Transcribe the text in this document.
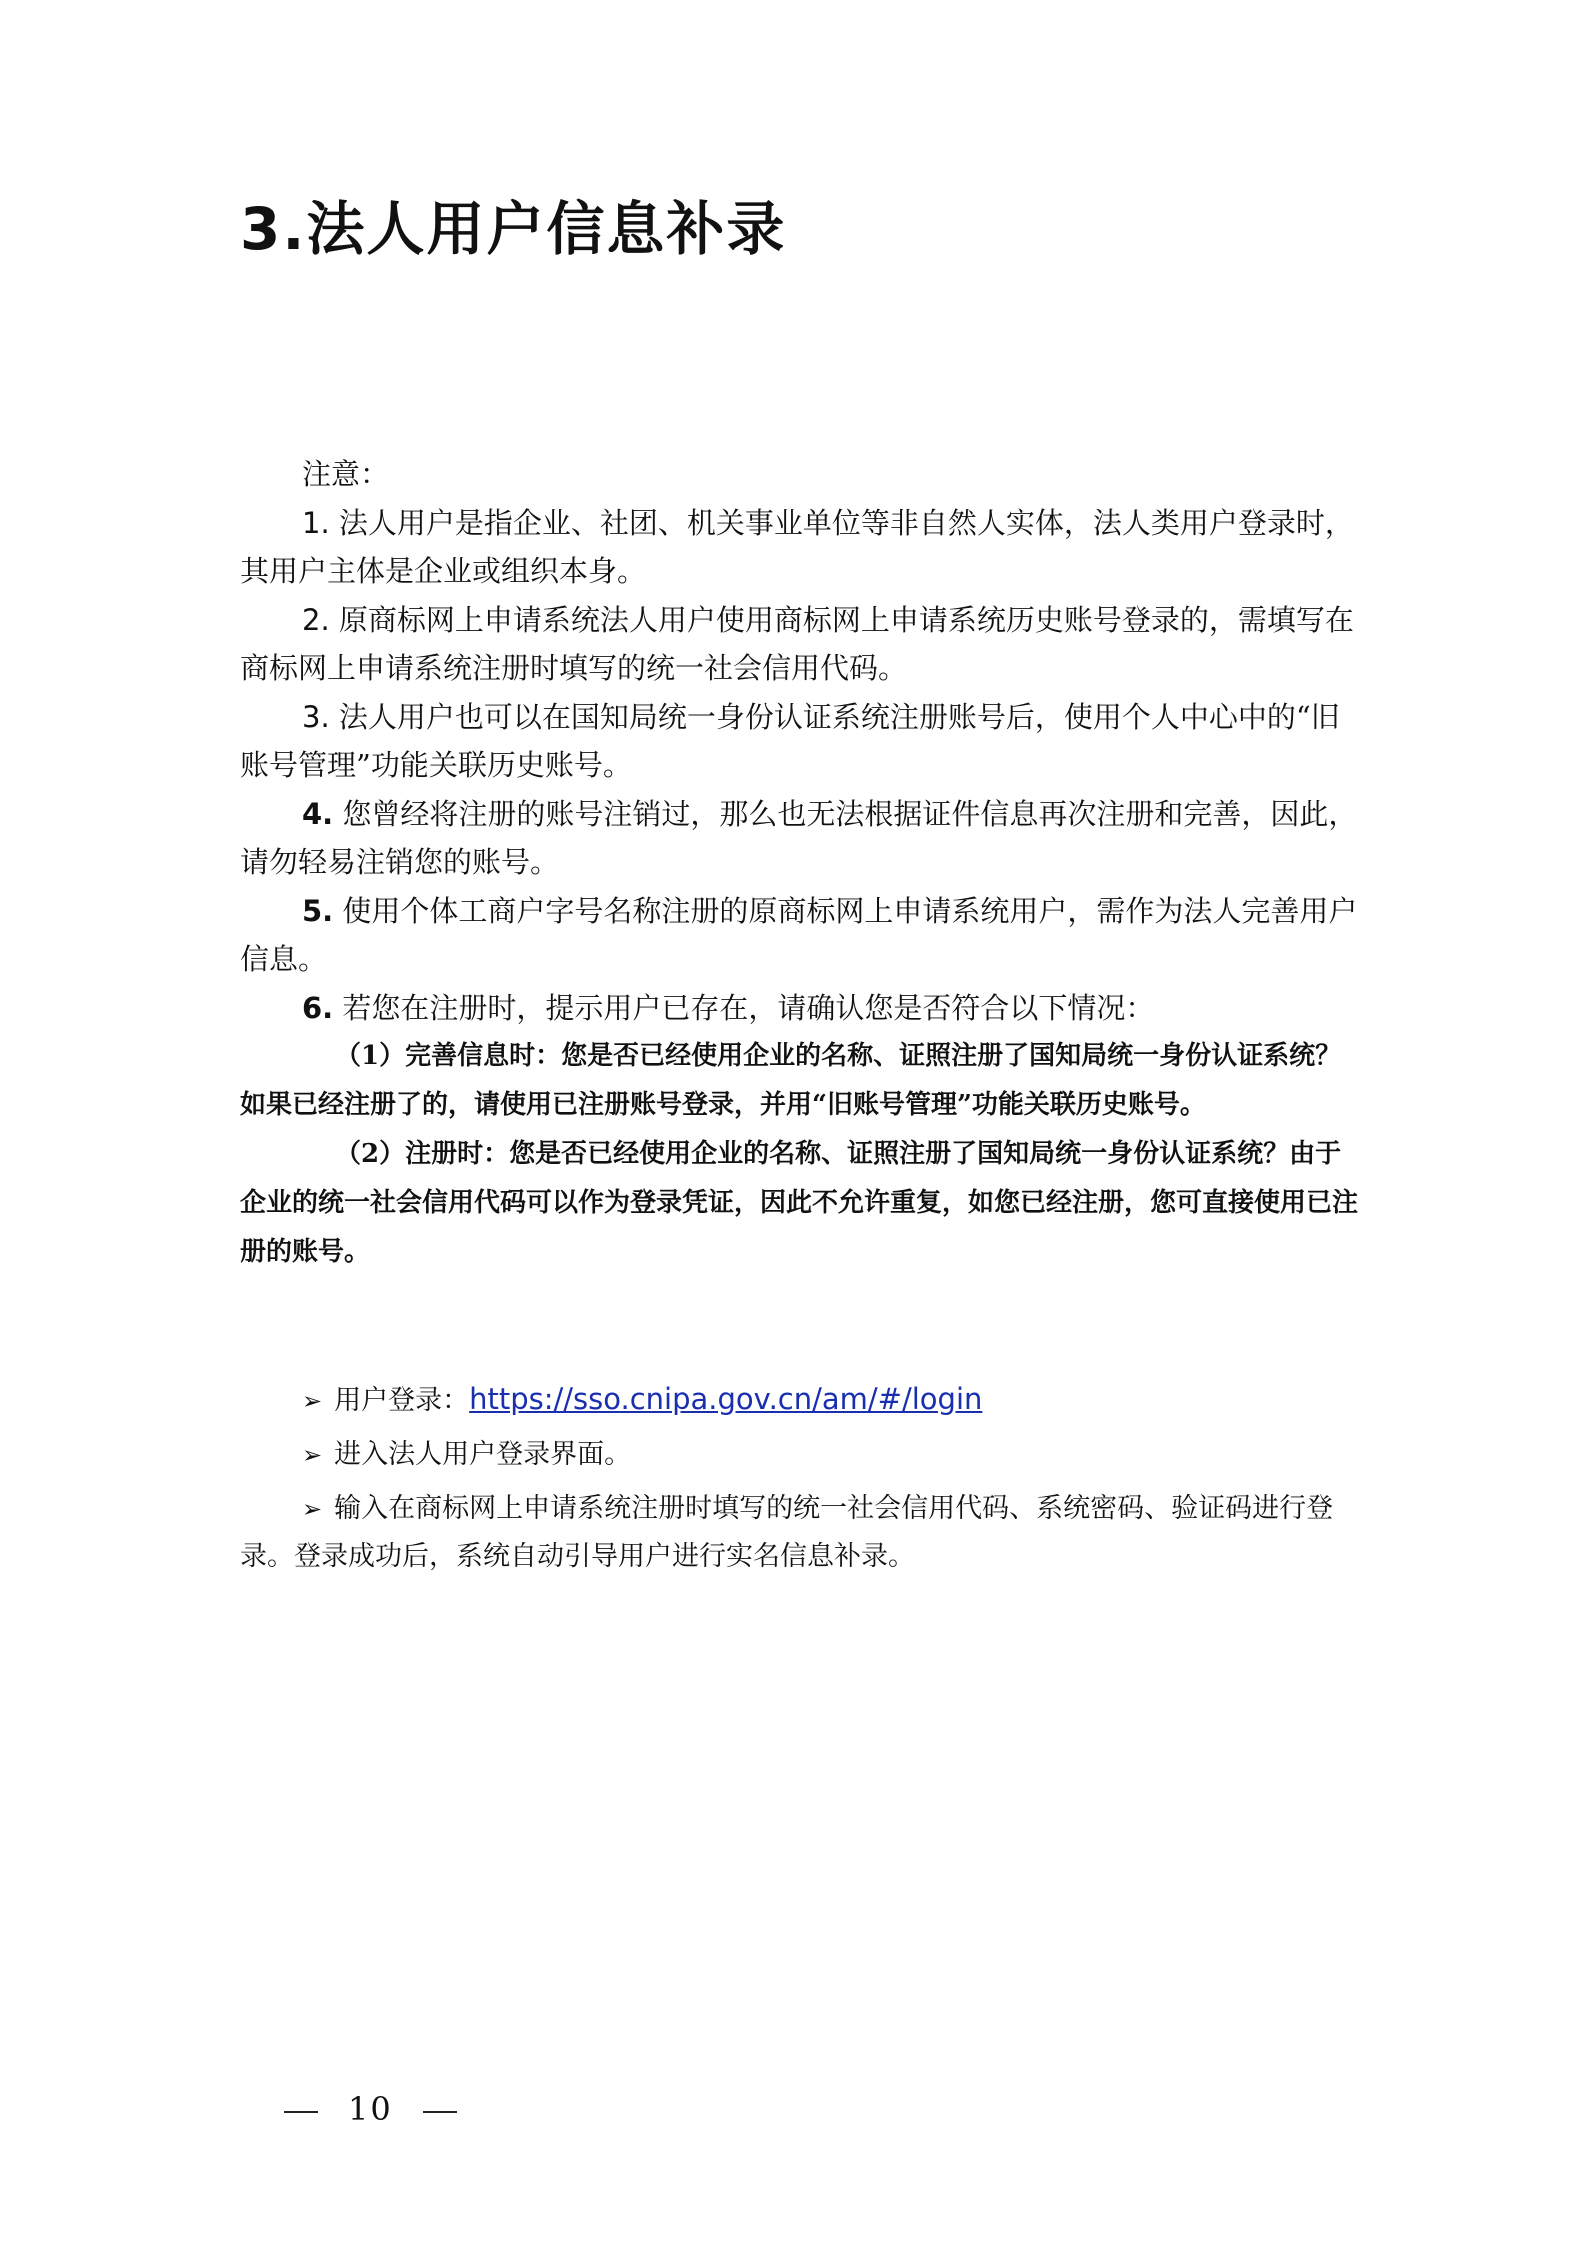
3.法人用户信息补录

注意：

1. 法人用户是指企业、社团、机关事业单位等非自然人实体，法人类用户登录时，其用户主体是企业或组织本身。

2. 原商标网上申请系统法人用户使用商标网上申请系统历史账号登录的，需填写在商标网上申请系统注册时填写的统一社会信用代码。

3. 法人用户也可以在国知局统一身份认证系统注册账号后，使用个人中心中的“旧账号管理”功能关联历史账号。

4. 您曾经将注册的账号注销过，那么也无法根据证件信息再次注册和完善，因此，请勿轻易注销您的账号。

5. 使用个体工商户字号名称注册的原商标网上申请系统用户，需作为法人完善用户信息。

6. 若您在注册时，提示用户已存在，请确认您是否符合以下情况：

（1）完善信息时：您是否已经使用企业的名称、证照注册了国知局统一身份认证系统？如果已经注册了的，请使用已注册账号登录，并用“旧账号管理”功能关联历史账号。

（2）注册时：您是否已经使用企业的名称、证照注册了国知局统一身份认证系统？由于企业的统一社会信用代码可以作为登录凭证，因此不允许重复，如您已经注册，您可直接使用已注册的账号。

➢ 用户登录：https://sso.cnipa.gov.cn/am/#/login

➢ 进入法人用户登录界面。

➢ 输入在商标网上申请系统注册时填写的统一社会信用代码、系统密码、验证码进行登录。登录成功后，系统自动引导用户进行实名信息补录。

10
